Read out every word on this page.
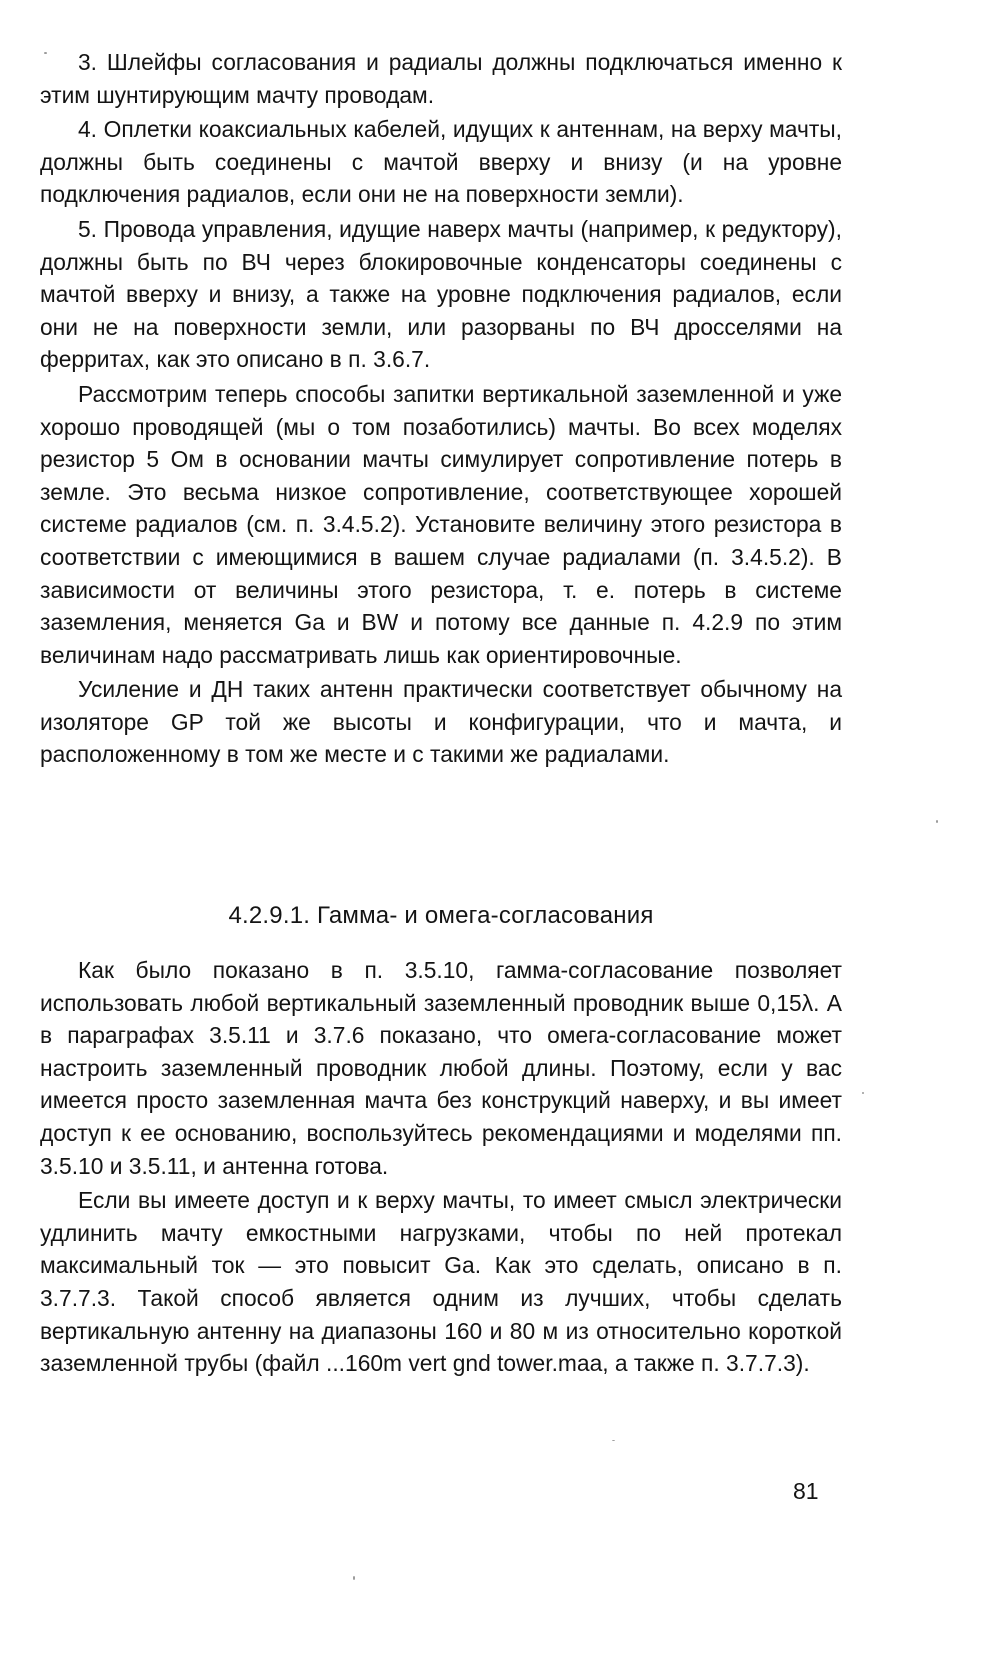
3. Шлейфы согласования и радиалы должны подключаться именно к этим шунтирующим мачту проводам.

4. Оплетки коаксиальных кабелей, идущих к антеннам, на верху мачты, должны быть соединены с мачтой вверху и внизу (и на уровне подключения радиалов, если они не на поверхности земли).

5. Провода управления, идущие наверх мачты (например, к редуктору), должны быть по ВЧ через блокировочные конденсаторы соединены с мачтой вверху и внизу, а также на уровне подключения радиалов, если они не на поверхности земли, или разорваны по ВЧ дросселями на ферритах, как это описано в п. 3.6.7.

Рассмотрим теперь способы запитки вертикальной заземленной и уже хорошо проводящей (мы о том позаботились) мачты. Во всех моделях резистор 5 Ом в основании мачты симулирует сопротивление потерь в земле. Это весьма низкое сопротивление, соответствующее хорошей системе радиалов (см. п. 3.4.5.2). Установите величину этого резистора в соответствии с имеющимися в вашем случае радиалами (п. 3.4.5.2). В зависимости от величины этого резистора, т. е. потерь в системе заземления, меняется Ga и BW и потому все данные п. 4.2.9 по этим величинам надо рассматривать лишь как ориентировочные.

Усиление и ДН таких антенн практически соответствует обычному на изоляторе GP той же высоты и конфигурации, что и мачта, и расположенному в том же месте и с такими же радиалами.

4.2.9.1. Гамма- и омега-согласования

Как было показано в п. 3.5.10, гамма-согласование позволяет использовать любой вертикальный заземленный проводник выше 0,15λ. А в параграфах 3.5.11 и 3.7.6 показано, что омега-согласование может настроить заземленный проводник любой длины. Поэтому, если у вас имеется просто заземленная мачта без конструкций наверху, и вы имеет доступ к ее основанию, воспользуйтесь рекомендациями и моделями пп. 3.5.10 и 3.5.11, и антенна готова.

Если вы имеете доступ и к верху мачты, то имеет смысл электрически удлинить мачту емкостными нагрузками, чтобы по ней протекал максимальный ток — это повысит Ga. Как это сделать, описано в п. 3.7.7.3. Такой способ является одним из лучших, чтобы сделать вертикальную антенну на диапазоны 160 и 80 м из относительно короткой заземленной трубы (файл ...160m vert gnd tower.maa, а также п. 3.7.7.3).

81
